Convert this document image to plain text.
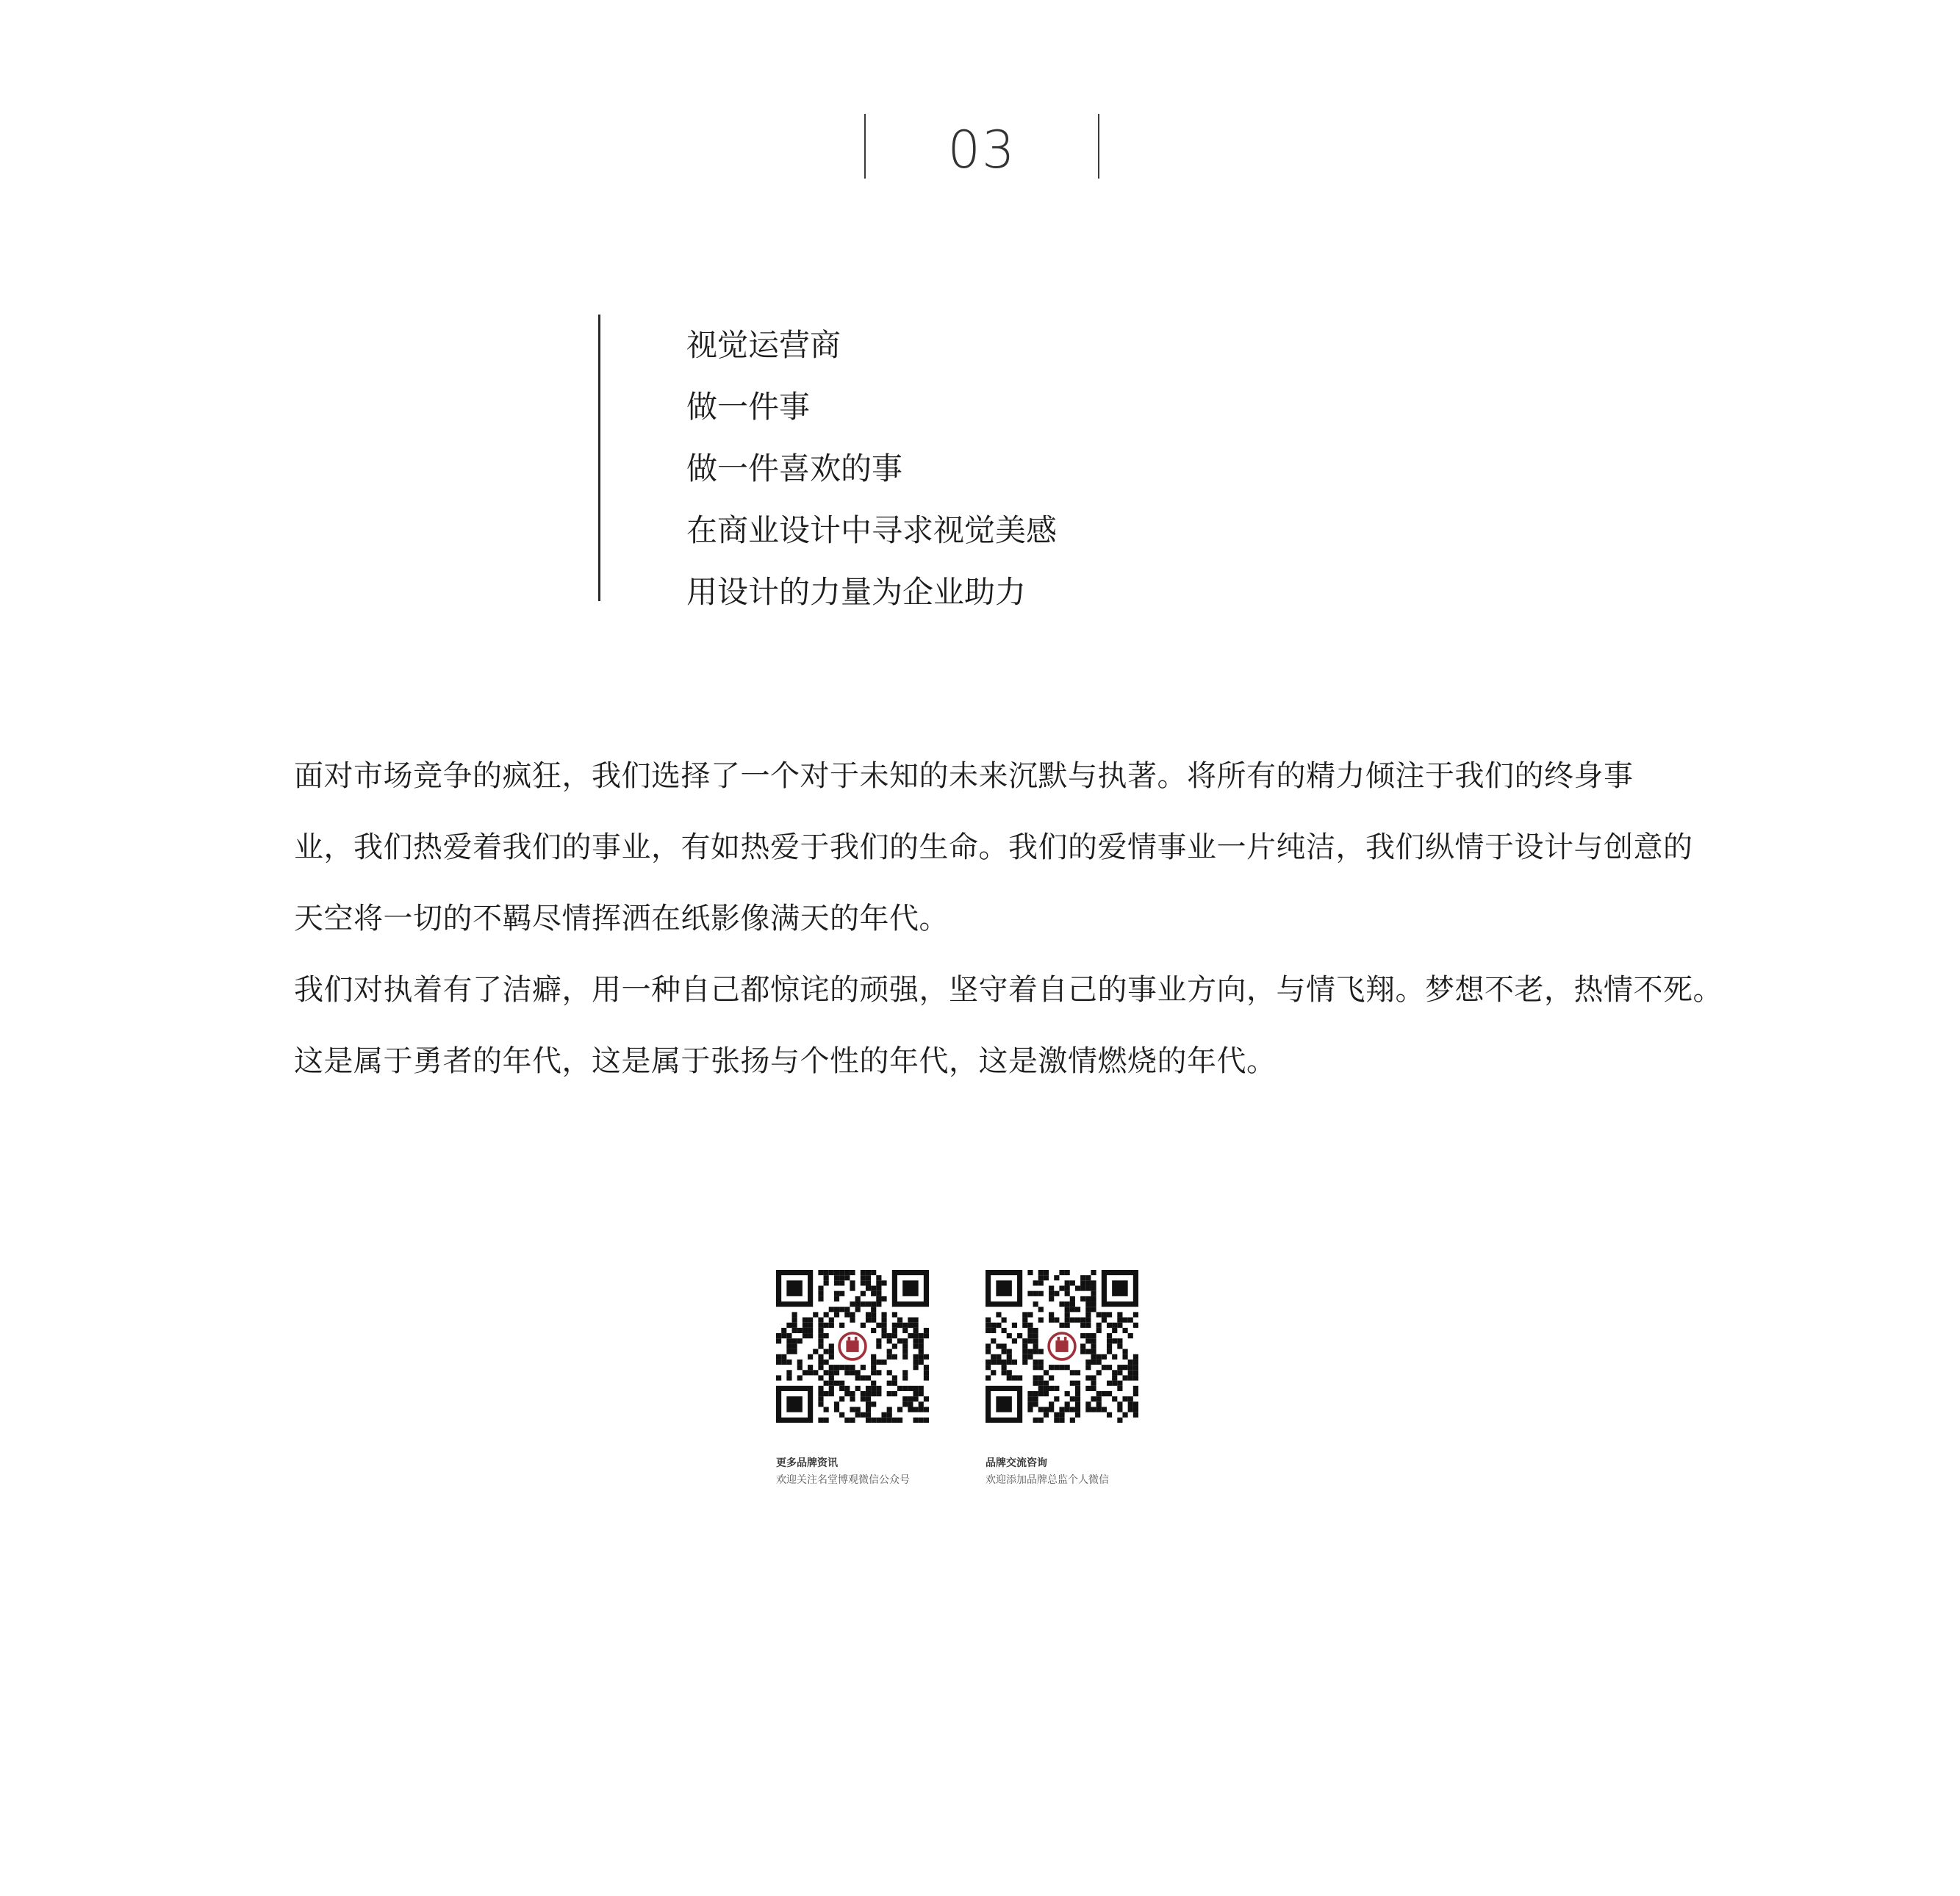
03
视觉运营商
做一件事
做一件喜欢的事
在商业设计中寻求视觉美感
用设计的力量为企业助力
面对市场竞争的疯狂，我们选择了一个对于未知的未来沉默与执著。将所有的精力倾注于我们的终身事
业，我们热爱着我们的事业，有如热爱于我们的生命。我们的爱情事业一片纯洁，我们纵情于设计与创意的
天空将一切的不羁尽情挥洒在纸影像满天的年代。
我们对执着有了洁癖，用一种自己都惊诧的顽强，坚守着自己的事业方向，与情飞翔。梦想不老，热情不死。
这是属于勇者的年代，这是属于张扬与个性的年代，这是激情燃烧的年代。
更多品牌资讯
欢迎关注名堂博观微信公众号
品牌交流咨询
欢迎添加品牌总监个人微信
